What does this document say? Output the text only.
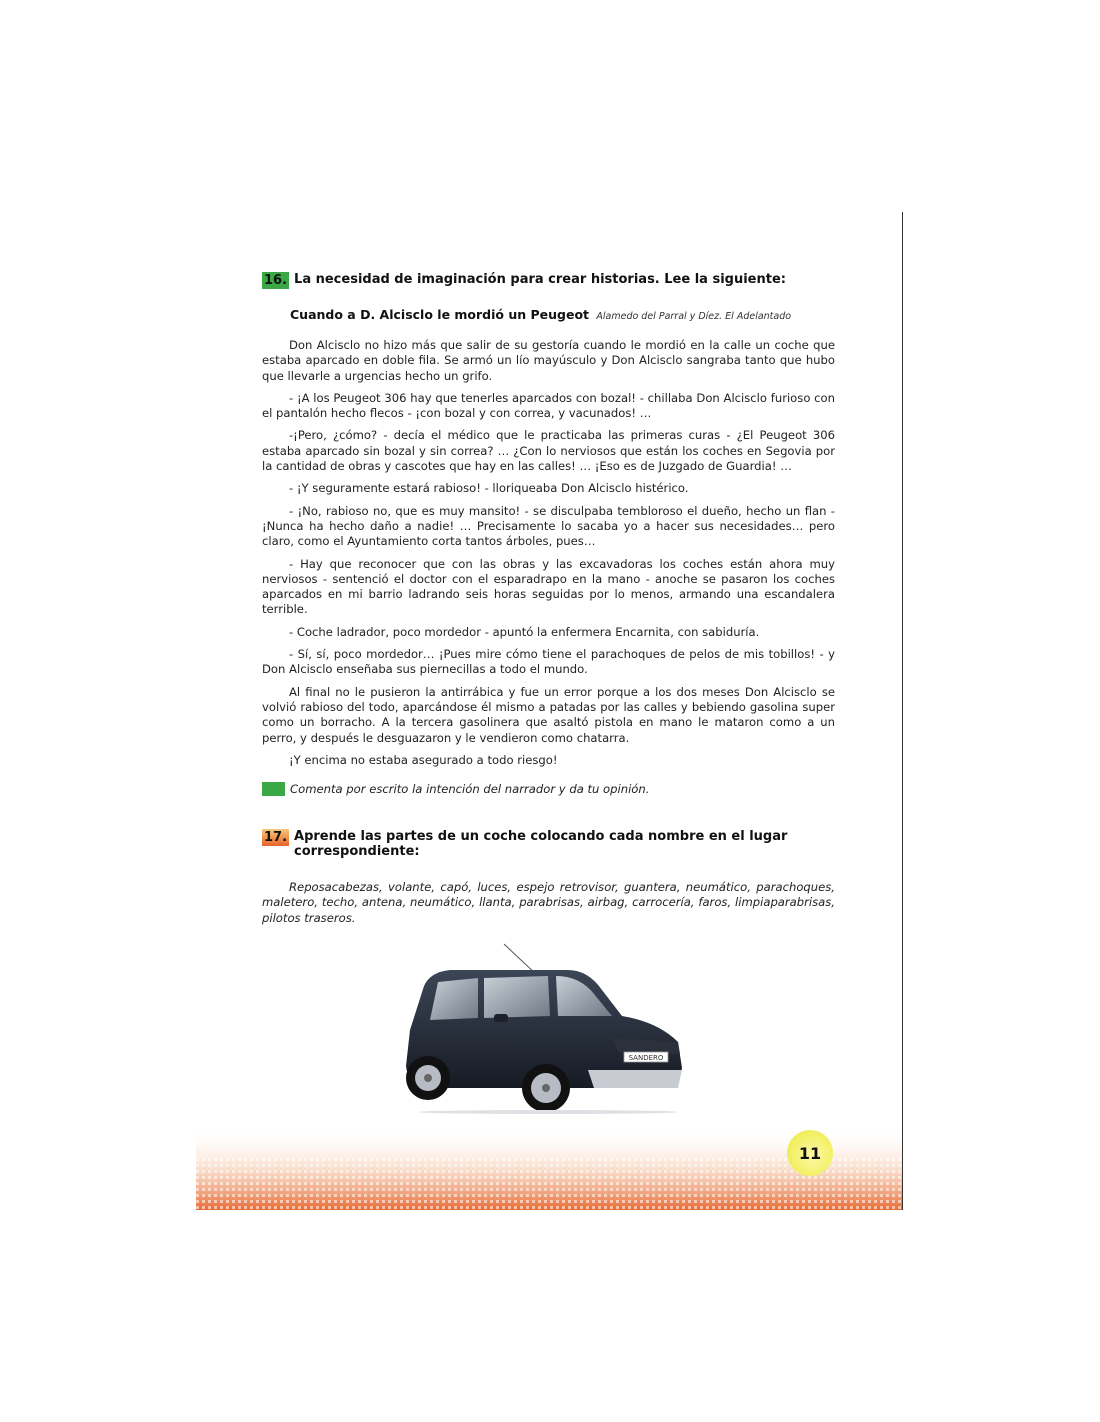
16. La necesidad de imaginación para crear historias. Lee la siguiente:
Cuando a D. Alcisclo le mordió un Peugeot Alamedo del Parral y Díez. El Adelantado

Don Alcisclo no hizo más que salir de su gestoría cuando le mordió en la calle un coche que estaba aparcado en doble fila. Se armó un lío mayúsculo y Don Alcisclo sangraba tanto que hubo que llevarle a urgencias hecho un grifo.

- ¡A los Peugeot 306 hay que tenerles aparcados con bozal! - chillaba Don Alcisclo furioso con el pantalón hecho flecos - ¡con bozal y con correa, y vacunados! …

-¡Pero, ¿cómo? - decía el médico que le practicaba las primeras curas - ¿El Peugeot 306 estaba aparcado sin bozal y sin correa? … ¿Con lo nerviosos que están los coches en Segovia por la cantidad de obras y cascotes que hay en las calles! … ¡Eso es de Juzgado de Guardia! …

- ¡Y seguramente estará rabioso! - lloriqueaba Don Alcisclo histérico.

- ¡No, rabioso no, que es muy mansito! - se disculpaba tembloroso el dueño, hecho un flan - ¡Nunca ha hecho daño a nadie! … Precisamente lo sacaba yo a hacer sus necesidades… pero claro, como el Ayuntamiento corta tantos árboles, pues…

- Hay que reconocer que con las obras y las excavadoras los coches están ahora muy nerviosos - sentenció el doctor con el esparadrapo en la mano - anoche se pasaron los coches aparcados en mi barrio ladrando seis horas seguidas por lo menos, armando una escandalera terrible.

- Coche ladrador, poco mordedor - apuntó la enfermera Encarnita, con sabiduría.

- Sí, sí, poco mordedor… ¡Pues mire cómo tiene el parachoques de pelos de mis tobillos! - y Don Alcisclo enseñaba sus piernecillas a todo el mundo.

Al final no le pusieron la antirrábica y fue un error porque a los dos meses Don Alcisclo se volvió rabioso del todo, aparcándose él mismo a patadas por las calles y bebiendo gasolina super como un borracho. A la tercera gasolinera que asaltó pistola en mano le mataron como a un perro, y después le desguazaron y le vendieron como chatarra.

¡Y encima no estaba asegurado a todo riesgo!

Comenta por escrito la intención del narrador y da tu opinión.
17. Aprende las partes de un coche colocando cada nombre en el lugar correspondiente:
Reposacabezas, volante, capó, luces, espejo retrovisor, guantera, neumático, parachoques, maletero, techo, antena, neumático, llanta, parabrisas, airbag, carrocería, faros, limpiaparabrisas, pilotos traseros.
SANDERO
11
